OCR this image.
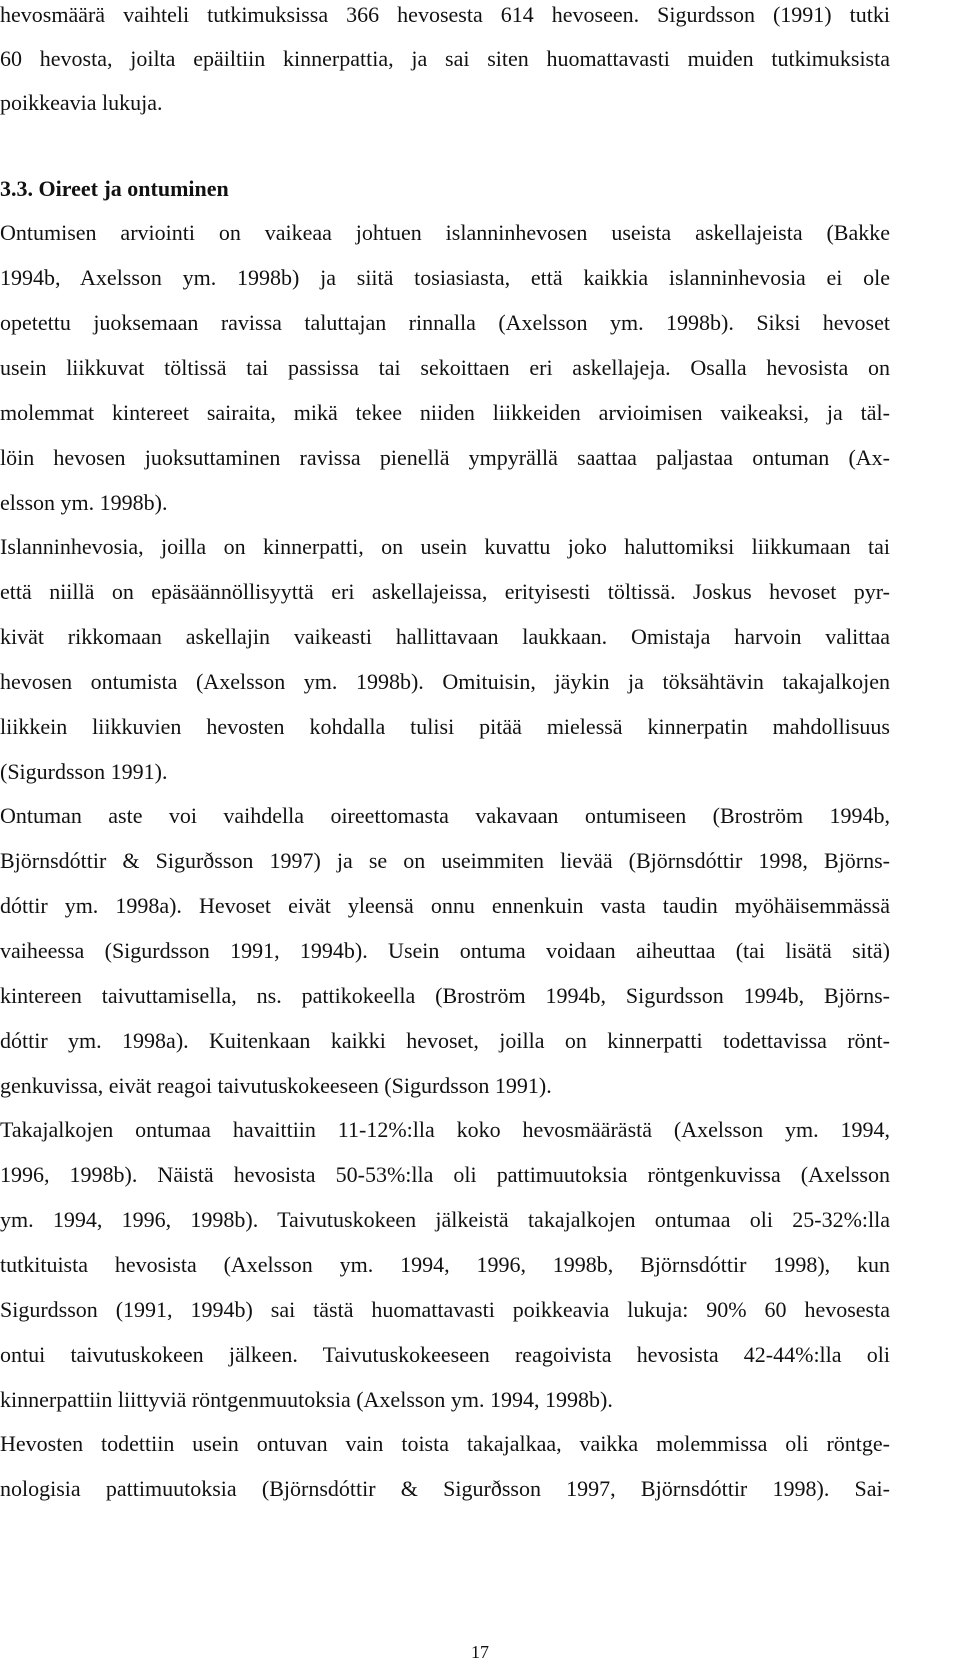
hevosmäärä vaihteli tutkimuksissa 366 hevosesta 614 hevoseen. Sigurdsson (1991) tutki

60 hevosta, joilta epäiltiin kinnerpattia, ja sai siten huomattavasti muiden tutkimuksista

poikkeavia lukuja.

3.3. Oireet ja ontuminen

Ontumisen arviointi on vaikeaa johtuen islanninhevosen useista askellajeista (Bakke

1994b, Axelsson ym. 1998b) ja siitä tosiasiasta, että kaikkia islanninhevosia ei ole

opetettu juoksemaan ravissa taluttajan rinnalla (Axelsson ym. 1998b). Siksi hevoset

usein liikkuvat töltissä tai passissa tai sekoittaen eri askellajeja. Osalla hevosista on

molemmat kintereet sairaita, mikä tekee niiden liikkeiden arvioimisen vaikeaksi, ja täl-

löin hevosen juoksuttaminen ravissa pienellä ympyrällä saattaa paljastaa ontuman (Ax-

elsson ym. 1998b).

Islanninhevosia, joilla on kinnerpatti, on usein kuvattu joko haluttomiksi liikkumaan tai

että niillä on epäsäännöllisyyttä eri askellajeissa, erityisesti töltissä. Joskus hevoset pyr-

kivät rikkomaan askellajin vaikeasti hallittavaan laukkaan. Omistaja harvoin valittaa

hevosen ontumista (Axelsson ym. 1998b). Omituisin, jäykin ja töksähtävin takajalkojen

liikkein liikkuvien hevosten kohdalla tulisi pitää mielessä kinnerpatin mahdollisuus

(Sigurdsson 1991).

Ontuman aste voi vaihdella oireettomasta vakavaan ontumiseen (Broström 1994b,

Björnsdóttir & Sigurðsson 1997) ja se on useimmiten lievää (Björnsdóttir 1998, Björns-

dóttir ym. 1998a). Hevoset eivät yleensä onnu ennenkuin vasta taudin myöhäisemmässä

vaiheessa (Sigurdsson 1991, 1994b). Usein ontuma voidaan aiheuttaa (tai lisätä sitä)

kintereen taivuttamisella, ns. pattikokeella (Broström 1994b, Sigurdsson 1994b, Björns-

dóttir ym. 1998a). Kuitenkaan kaikki hevoset, joilla on kinnerpatti todettavissa rönt-

genkuvissa, eivät reagoi taivutuskokeeseen (Sigurdsson 1991).

Takajalkojen ontumaa havaittiin 11-12%:lla koko hevosmäärästä (Axelsson ym. 1994,

1996, 1998b). Näistä hevosista 50-53%:lla oli pattimuutoksia röntgenkuvissa (Axelsson

ym. 1994, 1996, 1998b). Taivutuskokeen jälkeistä takajalkojen ontumaa oli 25-32%:lla

tutkituista hevosista (Axelsson ym. 1994, 1996, 1998b, Björnsdóttir 1998), kun

Sigurdsson (1991, 1994b) sai tästä huomattavasti poikkeavia lukuja: 90% 60 hevosesta

ontui taivutuskokeen jälkeen. Taivutuskokeeseen reagoivista hevosista 42-44%:lla oli

kinnerpattiin liittyviä röntgenmuutoksia (Axelsson ym. 1994, 1998b).

Hevosten todettiin usein ontuvan vain toista takajalkaa, vaikka molemmissa oli röntge-

nologisia pattimuutoksia (Björnsdóttir & Sigurðsson 1997, Björnsdóttir 1998). Sai-

17
